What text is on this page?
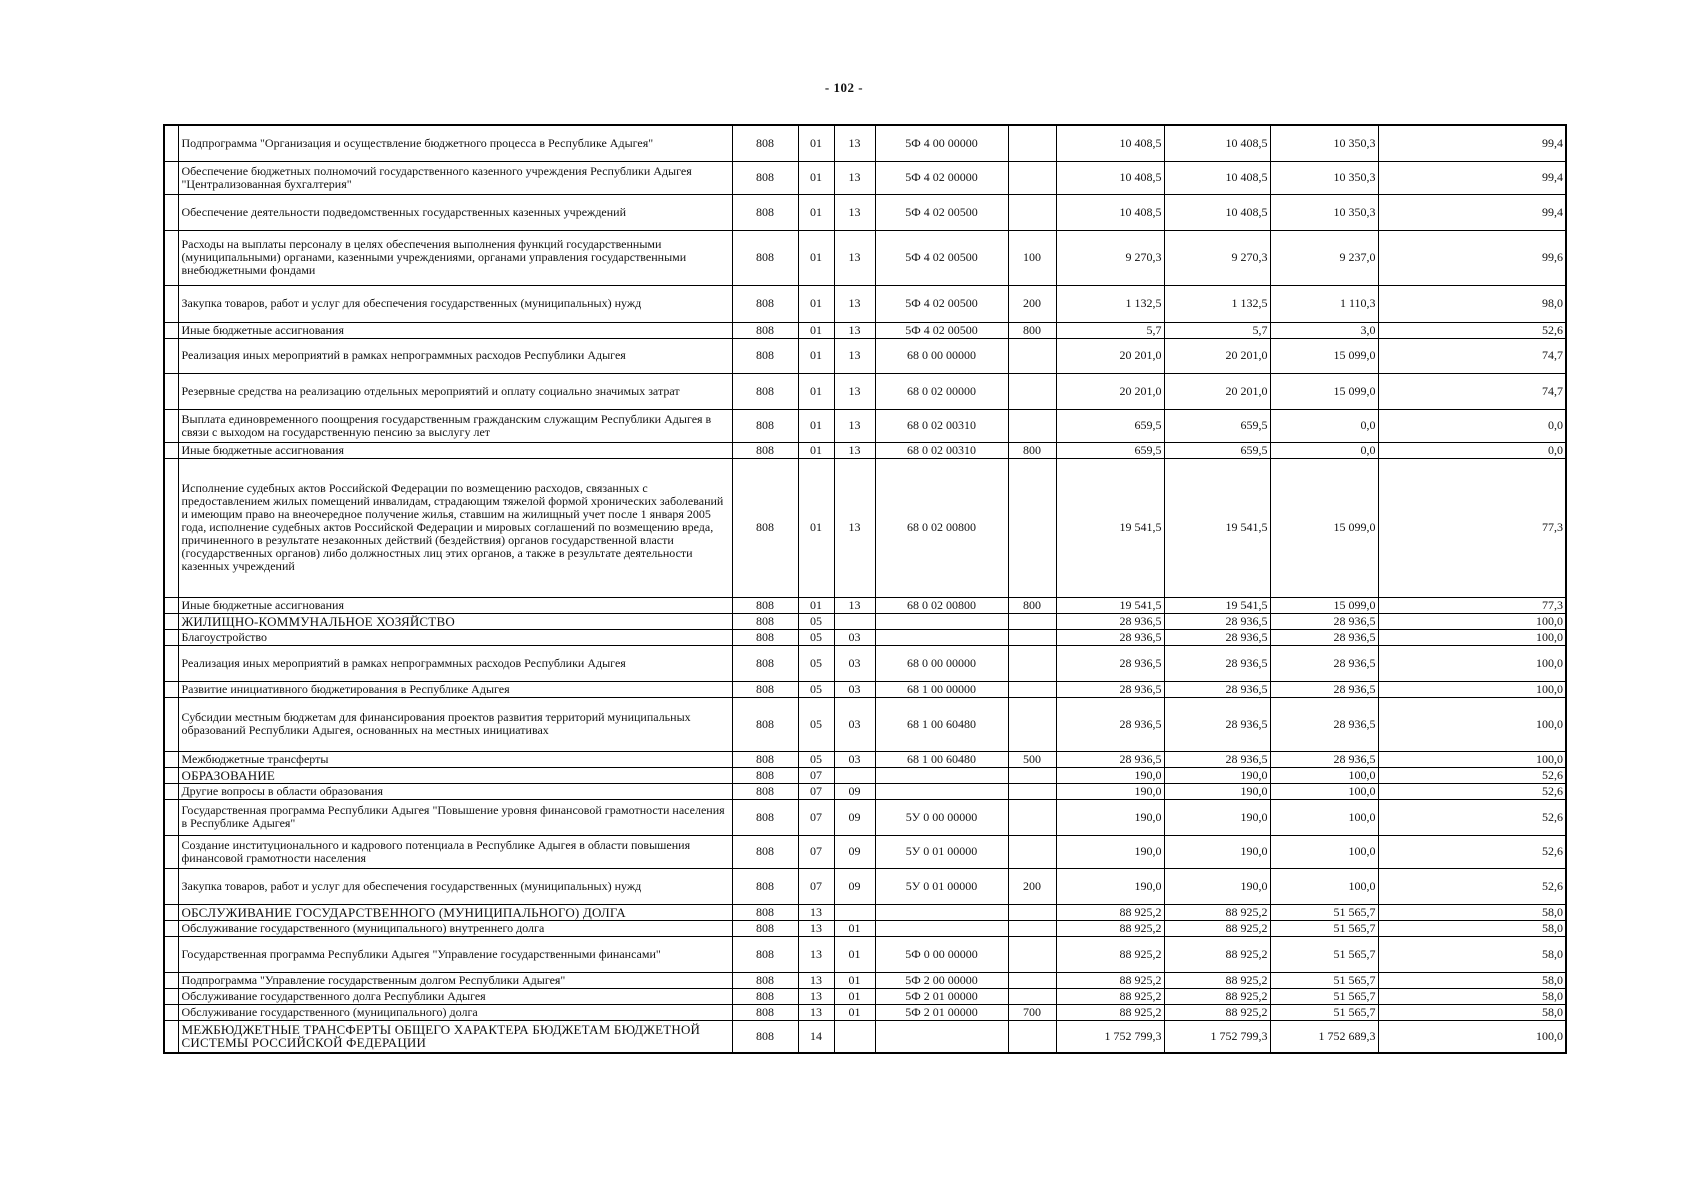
- 102 -
	Подпрограмма "Организация и осуществление бюджетного процесса в Республике Адыгея"	808	01	13	5Ф 4 00 00000		10 408,5	10 408,5	10 350,3	99,4
	Обеспечение бюджетных полномочий государственного казенного учреждения Республики Адыгея "Централизованная бухгалтерия"	808	01	13	5Ф 4 02 00000		10 408,5	10 408,5	10 350,3	99,4
	Обеспечение деятельности подведомственных государственных казенных учреждений	808	01	13	5Ф 4 02 00500		10 408,5	10 408,5	10 350,3	99,4
	Расходы на выплаты персоналу в целях обеспечения выполнения функций государственными (муниципальными) органами, казенными учреждениями, органами управления государственными внебюджетными фондами	808	01	13	5Ф 4 02 00500	100	9 270,3	9 270,3	9 237,0	99,6
	Закупка товаров, работ и услуг для обеспечения государственных (муниципальных) нужд	808	01	13	5Ф 4 02 00500	200	1 132,5	1 132,5	1 110,3	98,0
	Иные бюджетные ассигнования	808	01	13	5Ф 4 02 00500	800	5,7	5,7	3,0	52,6
	Реализация иных мероприятий в рамках непрограммных расходов Республики Адыгея	808	01	13	68 0 00 00000		20 201,0	20 201,0	15 099,0	74,7
	Резервные средства на реализацию отдельных мероприятий и оплату социально значимых затрат	808	01	13	68 0 02 00000		20 201,0	20 201,0	15 099,0	74,7
	Выплата единовременного поощрения государственным гражданским служащим Республики Адыгея в связи с выходом на государственную пенсию за выслугу лет	808	01	13	68 0 02 00310		659,5	659,5	0,0	0,0
	Иные бюджетные ассигнования	808	01	13	68 0 02 00310	800	659,5	659,5	0,0	0,0
	Исполнение судебных актов Российской Федерации по возмещению расходов, связанных с предоставлением жилых помещений инвалидам, страдающим тяжелой формой хронических заболеваний и имеющим право на внеочередное получение жилья, ставшим на жилищный учет после 1 января 2005 года, исполнение судебных актов Российской Федерации и мировых соглашений по возмещению вреда, причиненного в результате незаконных действий (бездействия) органов государственной власти (государственных органов) либо должностных лиц этих органов, а также в результате деятельности казенных учреждений	808	01	13	68 0 02 00800		19 541,5	19 541,5	15 099,0	77,3
	Иные бюджетные ассигнования	808	01	13	68 0 02 00800	800	19 541,5	19 541,5	15 099,0	77,3
	ЖИЛИЩНО-КОММУНАЛЬНОЕ ХОЗЯЙСТВО	808	05				28 936,5	28 936,5	28 936,5	100,0
	Благоустройство	808	05	03			28 936,5	28 936,5	28 936,5	100,0
	Реализация иных мероприятий в рамках непрограммных расходов Республики Адыгея	808	05	03	68 0 00 00000		28 936,5	28 936,5	28 936,5	100,0
	Развитие инициативного бюджетирования в Республике Адыгея	808	05	03	68 1 00 00000		28 936,5	28 936,5	28 936,5	100,0
	Субсидии местным бюджетам для финансирования проектов развития территорий муниципальных образований Республики Адыгея, основанных на местных инициативах	808	05	03	68 1 00 60480		28 936,5	28 936,5	28 936,5	100,0
	Межбюджетные трансферты	808	05	03	68 1 00 60480	500	28 936,5	28 936,5	28 936,5	100,0
	ОБРАЗОВАНИЕ	808	07				190,0	190,0	100,0	52,6
	Другие вопросы в области образования	808	07	09			190,0	190,0	100,0	52,6
	Государственная программа Республики Адыгея "Повышение уровня финансовой грамотности населения в Республике Адыгея"	808	07	09	5У 0 00 00000		190,0	190,0	100,0	52,6
	Создание институционального и кадрового потенциала в Республике Адыгея в области повышения финансовой грамотности населения	808	07	09	5У 0 01 00000		190,0	190,0	100,0	52,6
	Закупка товаров, работ и услуг для обеспечения государственных (муниципальных) нужд	808	07	09	5У 0 01 00000	200	190,0	190,0	100,0	52,6
	ОБСЛУЖИВАНИЕ ГОСУДАРСТВЕННОГО (МУНИЦИПАЛЬНОГО) ДОЛГА	808	13				88 925,2	88 925,2	51 565,7	58,0
	Обслуживание государственного (муниципального) внутреннего долга	808	13	01			88 925,2	88 925,2	51 565,7	58,0
	Государственная программа Республики Адыгея "Управление государственными финансами"	808	13	01	5Ф 0 00 00000		88 925,2	88 925,2	51 565,7	58,0
	Подпрограмма "Управление государственным долгом Республики Адыгея"	808	13	01	5Ф 2 00 00000		88 925,2	88 925,2	51 565,7	58,0
	Обслуживание государственного долга Республики Адыгея	808	13	01	5Ф 2 01 00000		88 925,2	88 925,2	51 565,7	58,0
	Обслуживание государственного (муниципального) долга	808	13	01	5Ф 2 01 00000	700	88 925,2	88 925,2	51 565,7	58,0
	МЕЖБЮДЖЕТНЫЕ ТРАНСФЕРТЫ ОБЩЕГО ХАРАКТЕРА БЮДЖЕТАМ БЮДЖЕТНОЙ СИСТЕМЫ РОССИЙСКОЙ ФЕДЕРАЦИИ	808	14				1 752 799,3	1 752 799,3	1 752 689,3	100,0
